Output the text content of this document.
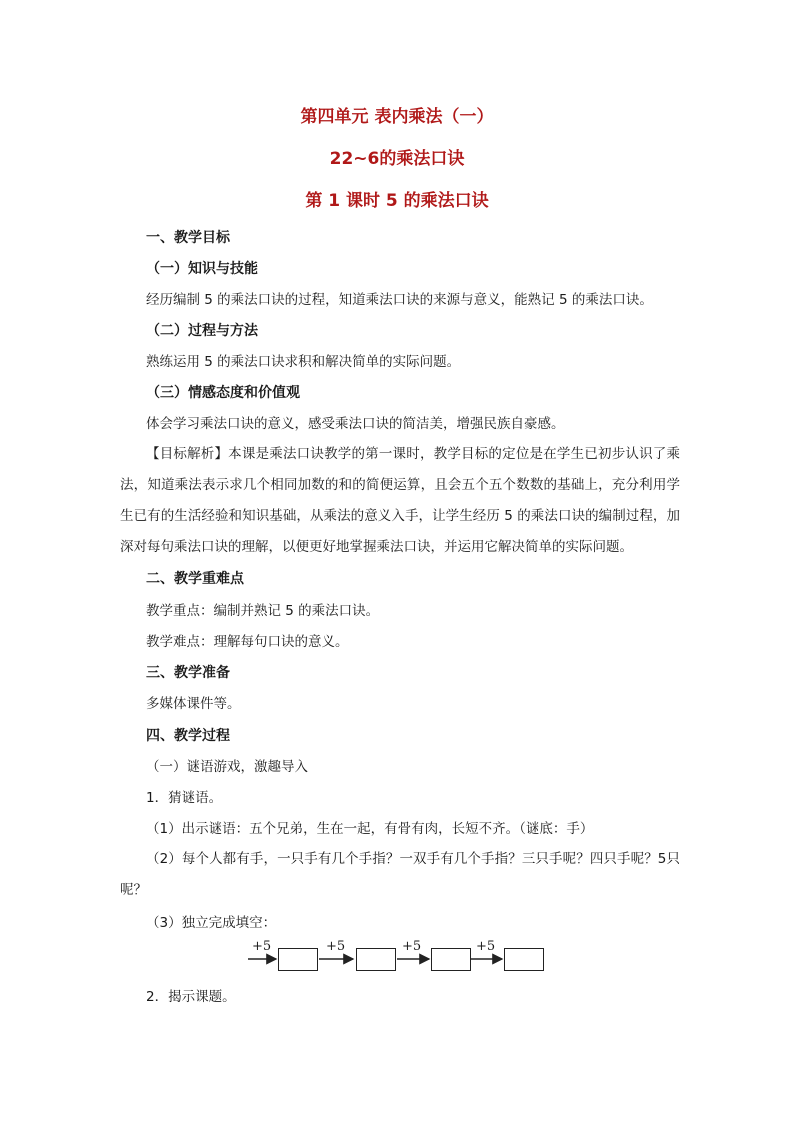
第四单元 表内乘法（一）
22~6的乘法口诀
第 1 课时 5 的乘法口诀
一、教学目标
（一）知识与技能
经历编制 5 的乘法口诀的过程，知道乘法口诀的来源与意义，能熟记 5 的乘法口诀。
（二）过程与方法
熟练运用 5 的乘法口诀求积和解决简单的实际问题。
（三）情感态度和价值观
体会学习乘法口诀的意义，感受乘法口诀的简洁美，增强民族自豪感。

【目标解析】本课是乘法口诀教学的第一课时，教学目标的定位是在学生已初步认识了乘法，知道乘法表示求几个相同加数的和的简便运算，且会五个五个数数的基础上，充分利用学生已有的生活经验和知识基础，从乘法的意义入手，让学生经历 5 的乘法口诀的编制过程，加深对每句乘法口诀的理解，以便更好地掌握乘法口诀，并运用它解决简单的实际问题。

二、教学重难点
教学重点：编制并熟记 5 的乘法口诀。
教学难点：理解每句口诀的意义。
三、教学准备
多媒体课件等。
四、教学过程
（一）谜语游戏，激趣导入
1．猜谜语。
（1）出示谜语：五个兄弟，生在一起，有骨有肉，长短不齐。（谜底：手）

（2）每个人都有手，一只手有几个手指？一双手有几个手指？三只手呢？四只手呢？5只呢？

（3）独立完成填空：
+5	+5	+5	+5
2．揭示课题。
